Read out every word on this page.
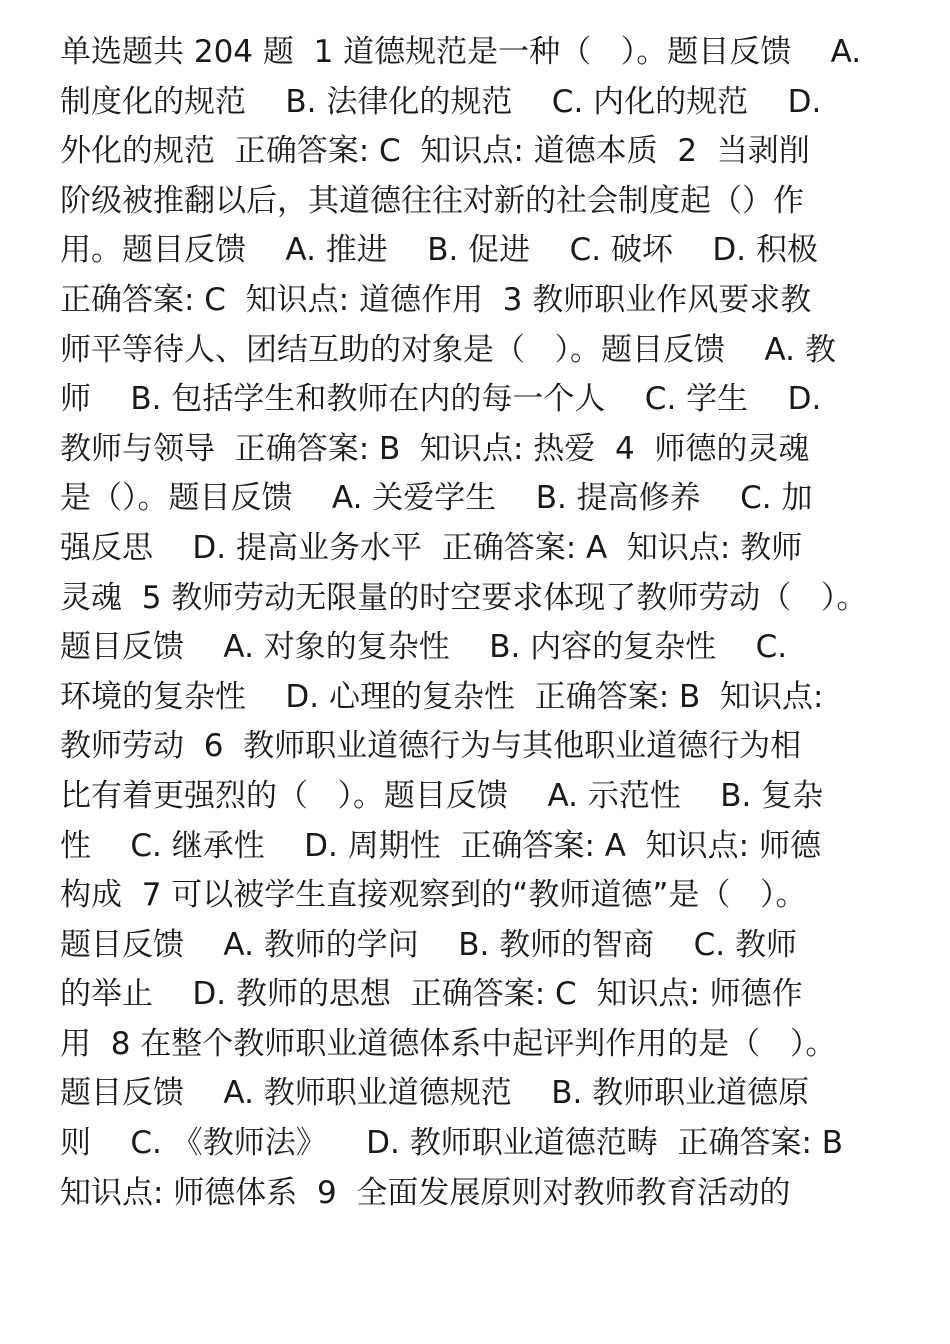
单选题共 204 题  1 道德规范是一种（   ）。题目反馈    A.
制度化的规范    B. 法律化的规范    C. 内化的规范    D.
外化的规范  正确答案: C  知识点: 道德本质  2  当剥削
阶级被推翻以后，其道德往往对新的社会制度起（）作
用。题目反馈    A. 推进    B. 促进    C. 破坏    D. 积极
正确答案: C  知识点: 道德作用  3 教师职业作风要求教
师平等待人、团结互助的对象是（   ）。题目反馈    A. 教
师    B. 包括学生和教师在内的每一个人    C. 学生    D.
教师与领导  正确答案: B  知识点: 热爱  4  师德的灵魂
是（）。题目反馈    A. 关爱学生    B. 提高修养    C. 加
强反思    D. 提高业务水平  正确答案: A  知识点: 教师
灵魂  5 教师劳动无限量的时空要求体现了教师劳动（   ）。
题目反馈    A. 对象的复杂性    B. 内容的复杂性    C.
环境的复杂性    D. 心理的复杂性  正确答案: B  知识点:
教师劳动  6  教师职业道德行为与其他职业道德行为相
比有着更强烈的（   ）。题目反馈    A. 示范性    B. 复杂
性    C. 继承性    D. 周期性  正确答案: A  知识点: 师德
构成  7 可以被学生直接观察到的“教师道德”是（   ）。
题目反馈    A. 教师的学问    B. 教师的智商    C. 教师
的举止    D. 教师的思想  正确答案: C  知识点: 师德作
用  8 在整个教师职业道德体系中起评判作用的是（   ）。
题目反馈    A. 教师职业道德规范    B. 教师职业道德原
则    C. 《教师法》    D. 教师职业道德范畴  正确答案: B
知识点: 师德体系  9  全面发展原则对教师教育活动的
